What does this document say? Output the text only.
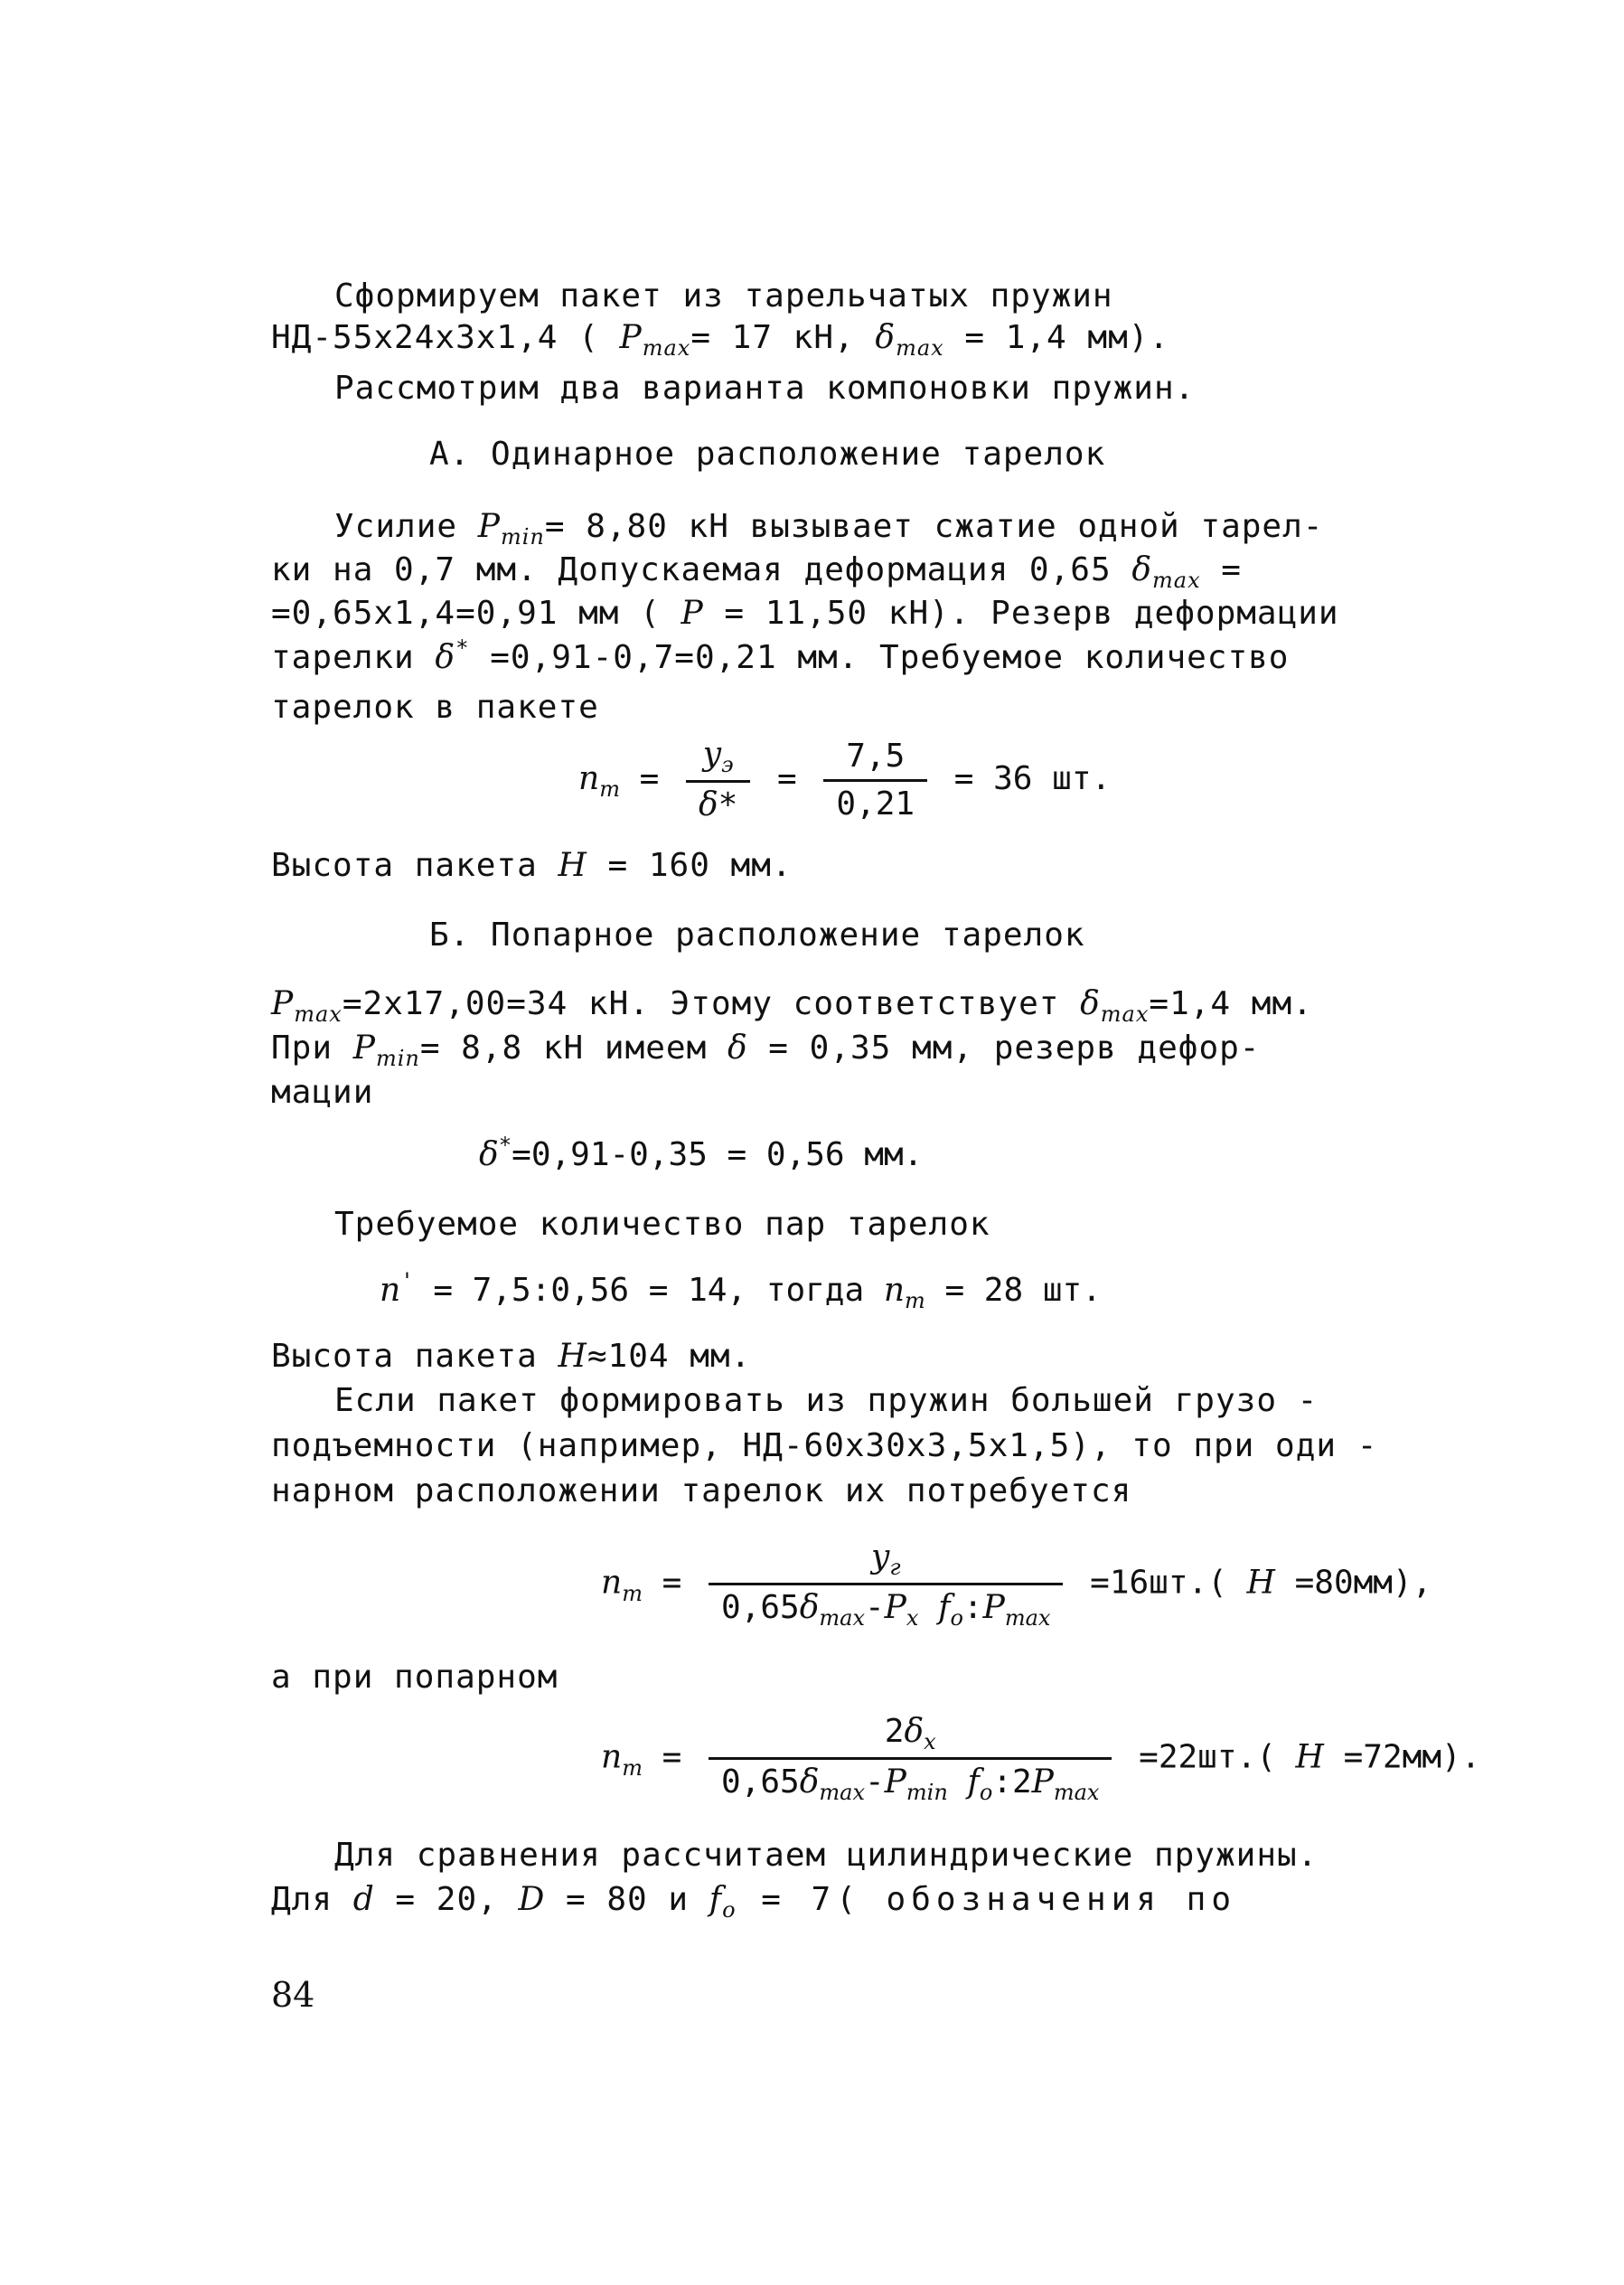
Сформируем пакет из тарельчатых пружин
НД-55х24х3х1,4 ( $P_{max}= 17$ кН, $\delta_{max} = 1,4$ мм).
Рассмотрим два варианта компоновки пружин.
А. Одинарное расположение тарелок
Усилие $P_{min}= 8,80$ кН вызывает сжатие одной тарел-
ки на 0,7 мм. Допускаемая деформация 0,65 $\delta_{max}$ =
=0,65х1,4=0,91 мм ( P = 11,50 кН). Резерв деформации
тарелки δ* =0,91-0,7=0,21 мм. Требуемое количество
тарелок в пакете
$n_т = \frac{y_э}{\delta*} = \frac{7,5}{0,21} = 36$ шт.
Высота пакета H = 160 мм.
Б. Попарное расположение тарелок
$P_{max}=2х17,00=34$ кН. Этому соответствует $\delta_{max}=1,4$ мм.
При $P_{min}= 8,8$ кН имеем δ = 0,35 мм, резерв дефор-
мации
δ*=0,91-0,35 = 0,56 мм.
Требуемое количество пар тарелок
n' = 7,5:0,56 = 14, тогда $n_т = 28$ шт.
Высота пакета H≈104 мм.
Если пакет формировать из пружин большей грузо -
подъемности (например, НД-60х30х3,5х1,5), то при оди -
нарном расположении тарелок их потребуется
$n_т = \frac{y_г}{0,65\delta_{max}-P_x f_o:P_{max}} =16шт$.( H =80мм),
а при попарном
$n_т = \frac{2\delta_x}{0,65\delta_{max}-P_{min} f_o:2P_{max}} =22шт$.( H =72мм).
Для сравнения рассчитаем цилиндрические пружины.
Для d = 20, D = 80 и $f_o = 7$( обозначения по
84
